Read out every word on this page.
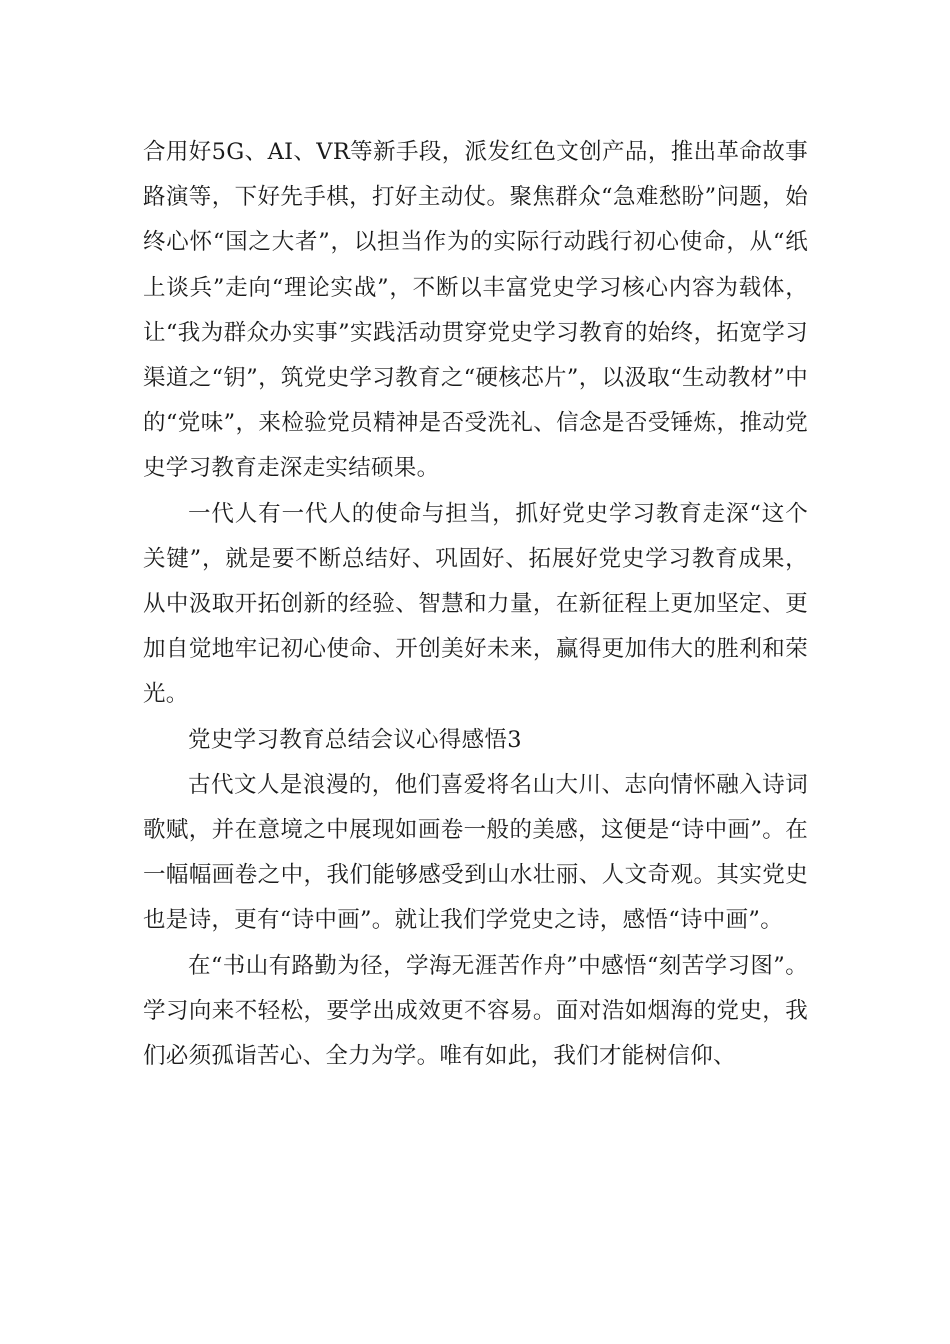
合用好5G、AI、VR等新手段，派发红色文创产品，推出革命故事路演等，下好先手棋，打好主动仗。聚焦群众“急难愁盼”问题，始终心怀“国之大者”，以担当作为的实际行动践行初心使命，从“纸上谈兵”走向“理论实战”，不断以丰富党史学习核心内容为载体，让“我为群众办实事”实践活动贯穿党史学习教育的始终，拓宽学习渠道之“钥”，筑党史学习教育之“硬核芯片”，以汲取“生动教材”中的“党味”，来检验党员精神是否受洗礼、信念是否受锤炼，推动党史学习教育走深走实结硕果。

一代人有一代人的使命与担当，抓好党史学习教育走深“这个关键”，就是要不断总结好、巩固好、拓展好党史学习教育成果，从中汲取开拓创新的经验、智慧和力量，在新征程上更加坚定、更加自觉地牢记初心使命、开创美好未来，赢得更加伟大的胜利和荣光。

党史学习教育总结会议心得感悟3

古代文人是浪漫的，他们喜爱将名山大川、志向情怀融入诗词歌赋，并在意境之中展现如画卷一般的美感，这便是“诗中画”。在一幅幅画卷之中，我们能够感受到山水壮丽、人文奇观。其实党史也是诗，更有“诗中画”。就让我们学党史之诗，感悟“诗中画”。

在“书山有路勤为径，学海无涯苦作舟”中感悟“刻苦学习图”。学习向来不轻松，要学出成效更不容易。面对浩如烟海的党史，我们必须孤诣苦心、全力为学。唯有如此，我们才能树信仰、
